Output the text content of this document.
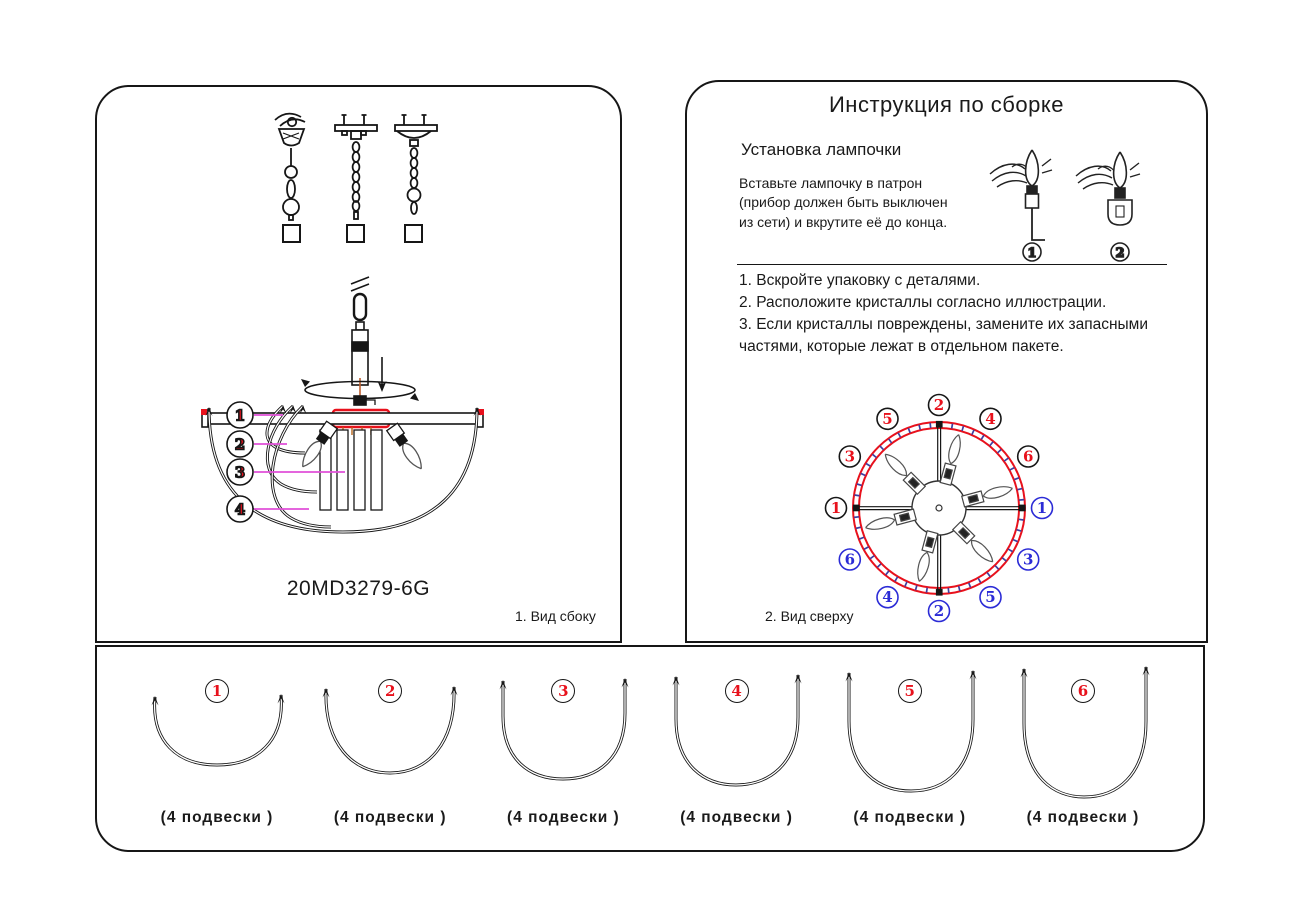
1
2
3
4
20MD3279-6G
1. Вид сбоку
Инструкция по сборке
Установка лампочки
Вставьте лампочку в патрон (прибор должен быть выключен из сети) и вкрутите её до конца.
1	2

1. Вскройте упаковку с деталями.

2. Расположите кристаллы согласно иллюстрации.

3. Если кристаллы повреждены, замените их запасными частями, которые лежат в отдельном пакете.

2
4
6
1
3
5
2
4
6
1
3
5
2. Вид сверху
1
(4 подвески )
2
(4 подвески )
3
(4 подвески )
4
(4 подвески )
5
(4 подвески )
6
(4 подвески )
